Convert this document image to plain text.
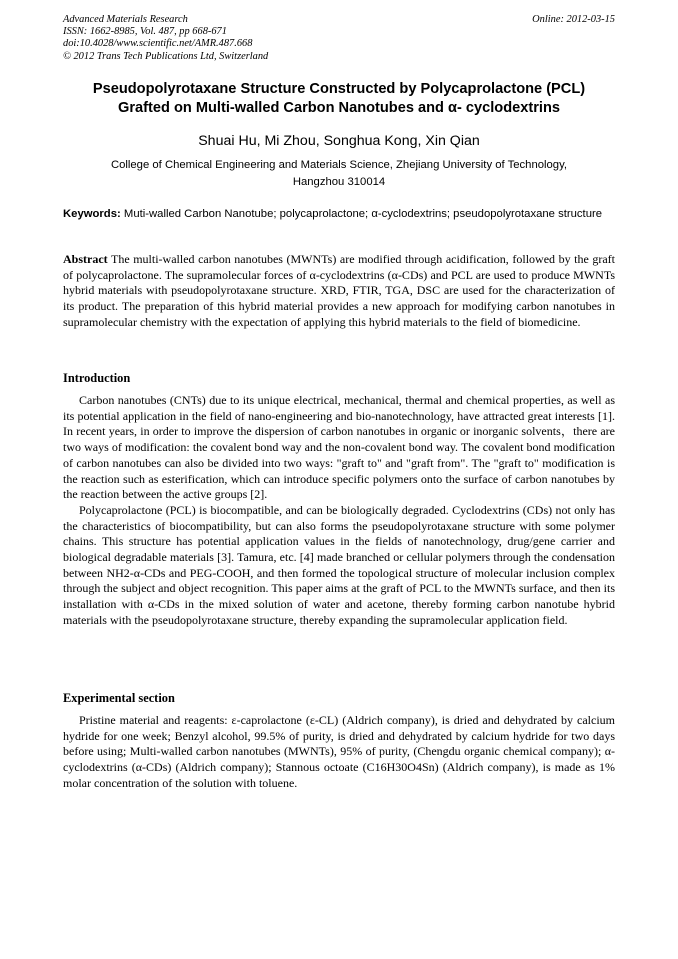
Advanced Materials Research
ISSN: 1662-8985, Vol. 487, pp 668-671
doi:10.4028/www.scientific.net/AMR.487.668
© 2012 Trans Tech Publications Ltd, Switzerland
Online: 2012-03-15
Pseudopolyrotaxane Structure Constructed by Polycaprolactone (PCL)
Grafted on Multi-walled Carbon Nanotubes and α- cyclodextrins
Shuai Hu, Mi Zhou, Songhua Kong, Xin Qian
College of Chemical Engineering and Materials Science, Zhejiang University of Technology,
Hangzhou 310014
Keywords: Muti-walled Carbon Nanotube; polycaprolactone; α-cyclodextrins; pseudopolyrotaxane structure

Abstract The multi-walled carbon nanotubes (MWNTs) are modified through acidification, followed by the graft of polycaprolactone. The supramolecular forces of α-cyclodextrins (α-CDs) and PCL are used to produce MWNTs hybrid materials with pseudopolyrotaxane structure. XRD, FTIR, TGA, DSC are used for the characterization of its product. The preparation of this hybrid material provides a new approach for modifying carbon nanotubes in supramolecular chemistry with the expectation of applying this hybrid materials to the field of biomedicine.

Introduction

Carbon nanotubes (CNTs) due to its unique electrical, mechanical, thermal and chemical properties, as well as its potential application in the field of nano-engineering and bio-nanotechnology, have attracted great interests [1]. In recent years, in order to improve the dispersion of carbon nanotubes in organic or inorganic solvents，there are two ways of modification: the covalent bond way and the non-covalent bond way. The covalent bond modification of carbon nanotubes can also be divided into two ways: "graft to" and "graft from". The "graft to" modification is the reaction such as esterification, which can introduce specific polymers onto the surface of carbon nanotubes by the reaction between the active groups [2].

Polycaprolactone (PCL) is biocompatible, and can be biologically degraded. Cyclodextrins (CDs) not only has the characteristics of biocompatibility, but can also forms the pseudopolyrotaxane structure with some polymer chains. This structure has potential application values in the fields of nanotechnology, drug/gene carrier and biological degradable materials [3]. Tamura, etc. [4] made branched or cellular polymers through the condensation between NH2-α-CDs and PEG-COOH, and then formed the topological structure of molecular inclusion complex through the subject and object recognition. This paper aims at the graft of PCL to the MWNTs surface, and then its installation with α-CDs in the mixed solution of water and acetone, thereby forming carbon nanotube hybrid materials with the pseudopolyrotaxane structure, thereby expanding the supramolecular application field.

Experimental section

Pristine material and reagents: ε-caprolactone (ε-CL) (Aldrich company), is dried and dehydrated by calcium hydride for one week; Benzyl alcohol, 99.5% of purity, is dried and dehydrated by calcium hydride for two days before using; Multi-walled carbon nanotubes (MWNTs), 95% of purity, (Chengdu organic chemical company); α-cyclodextrins (α-CDs) (Aldrich company); Stannous octoate (C16H30O4Sn) (Aldrich company), is made as 1% molar concentration of the solution with toluene.
